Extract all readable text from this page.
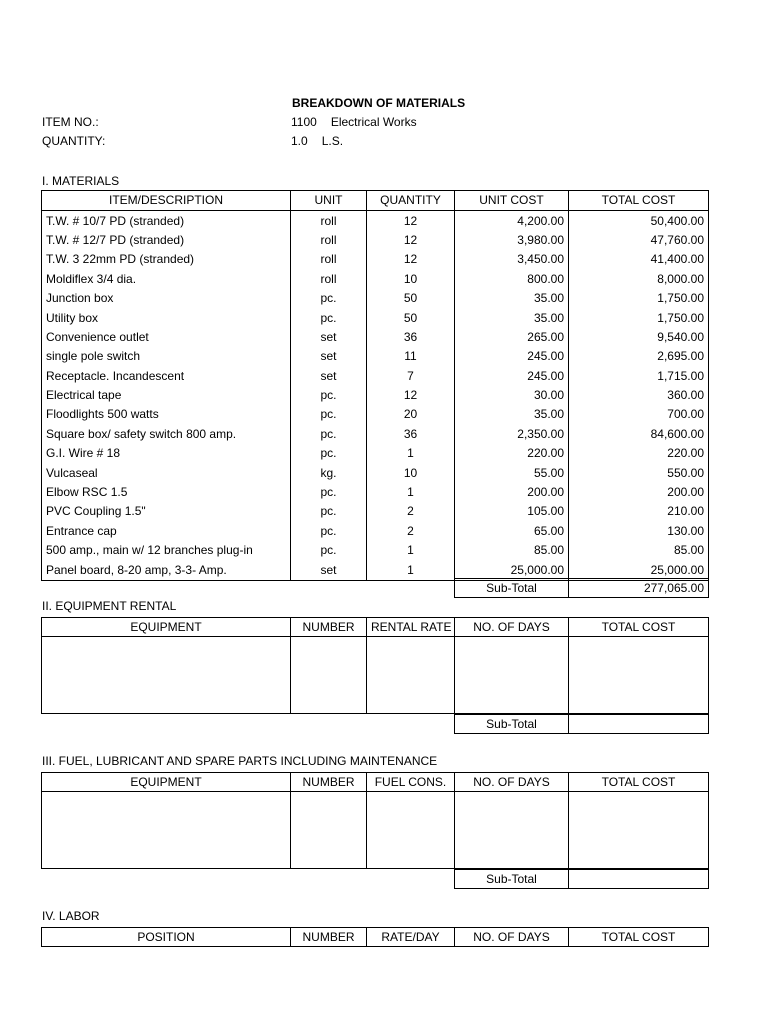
BREAKDOWN OF MATERIALS
ITEM NO.:	1100 Electrical Works
QUANTITY:	1.0 L.S.
I. MATERIALS
ITEM/DESCRIPTION	UNIT	QUANTITY	UNIT COST	TOTAL COST
T.W. # 10/7 PD (stranded)	roll	12	4,200.00	50,400.00
T.W. # 12/7 PD (stranded)	roll	12	3,980.00	47,760.00
T.W. 3 22mm PD (stranded)	roll	12	3,450.00	41,400.00
Moldiflex 3/4 dia.	roll	10	800.00	8,000.00
Junction box	pc.	50	35.00	1,750.00
Utility box	pc.	50	35.00	1,750.00
Convenience outlet	set	36	265.00	9,540.00
single pole switch	set	11	245.00	2,695.00
Receptacle. Incandescent	set	7	245.00	1,715.00
Electrical tape	pc.	12	30.00	360.00
Floodlights 500 watts	pc.	20	35.00	700.00
Square box/ safety switch 800 amp.	pc.	36	2,350.00	84,600.00
G.I. Wire # 18	pc.	1	220.00	220.00
Vulcaseal	kg.	10	55.00	550.00
Elbow RSC 1.5	pc.	1	200.00	200.00
PVC Coupling 1.5"	pc.	2	105.00	210.00
Entrance cap	pc.	2	65.00	130.00
500 amp., main w/ 12 branches plug-in	pc.	1	85.00	85.00
Panel board, 8-20 amp, 3-3- Amp.	set	1	25,000.00	25,000.00
Sub-Total	277,065.00
II. EQUIPMENT RENTAL
EQUIPMENT	NUMBER	RENTAL RATE	NO. OF DAYS	TOTAL COST

Sub-Total	
III. FUEL, LUBRICANT AND SPARE PARTS INCLUDING MAINTENANCE
EQUIPMENT	NUMBER	FUEL CONS.	NO. OF DAYS	TOTAL COST

Sub-Total	
IV. LABOR
POSITION	NUMBER	RATE/DAY	NO. OF DAYS	TOTAL COST
